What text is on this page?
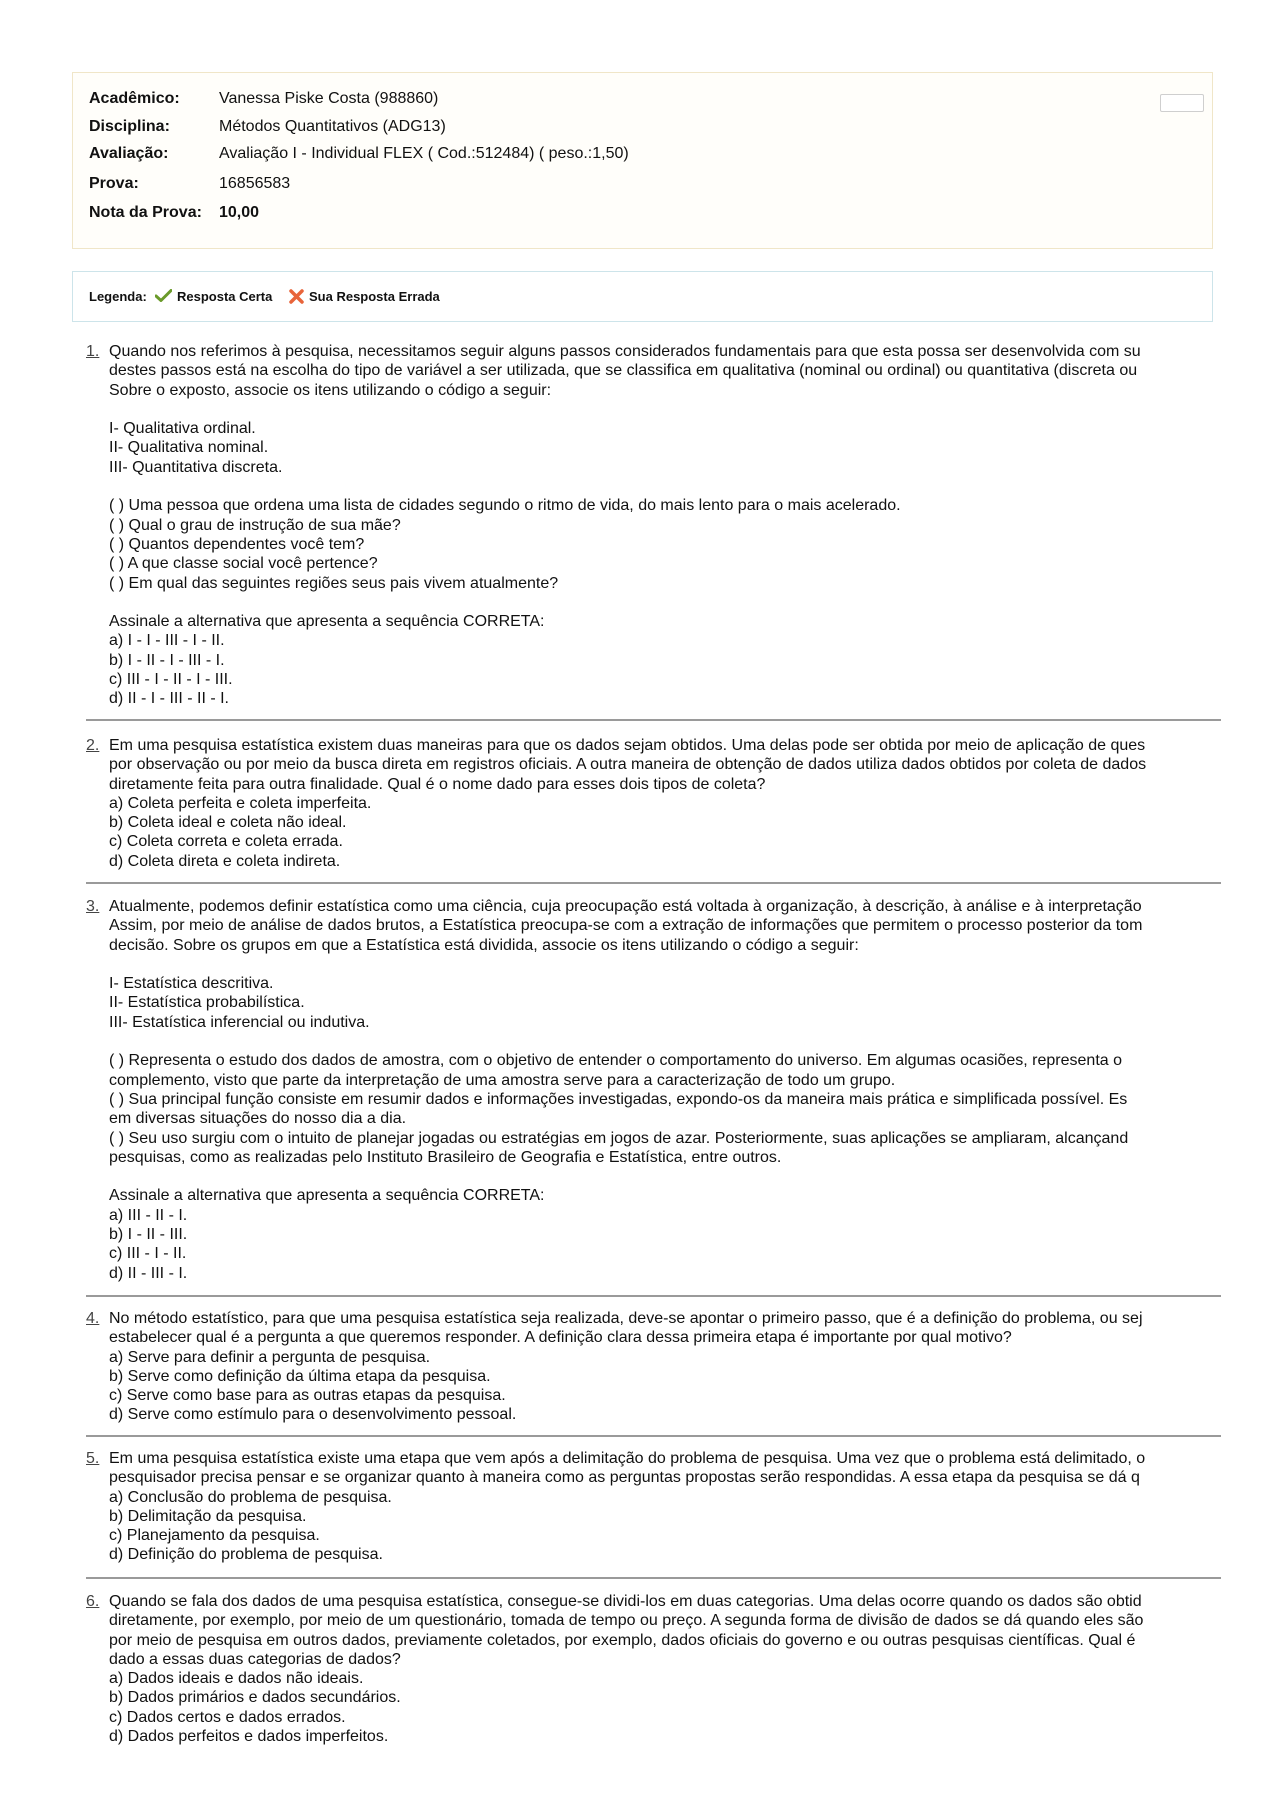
Acadêmico:	Vanessa Piske Costa (988860)
Disciplina:	Métodos Quantitativos (ADG13)
Avaliação:	Avaliação I - Individual FLEX ( Cod.:512484) ( peso.:1,50)
Prova:	16856583
Nota da Prova:	10,00
Legenda: Resposta Certa	Sua Resposta Errada
1. Quando nos referimos à pesquisa, necessitamos seguir alguns passos considerados fundamentais para que esta possa ser desenvolvida com su
destes passos está na escolha do tipo de variável a ser utilizada, que se classifica em qualitativa (nominal ou ordinal) ou quantitativa (discreta ou
Sobre o exposto, associe os itens utilizando o código a seguir:
I- Qualitativa ordinal.
II- Qualitativa nominal.
III- Quantitativa discreta.
( ) Uma pessoa que ordena uma lista de cidades segundo o ritmo de vida, do mais lento para o mais acelerado.
( ) Qual o grau de instrução de sua mãe?
( ) Quantos dependentes você tem?
( ) A que classe social você pertence?
( ) Em qual das seguintes regiões seus pais vivem atualmente?
Assinale a alternativa que apresenta a sequência CORRETA:
a) I - I - III - I - II.
b) I - II - I - III - I.
c) III - I - II - I - III.
d) II - I - III - II - I.
2. Em uma pesquisa estatística existem duas maneiras para que os dados sejam obtidos. Uma delas pode ser obtida por meio de aplicação de ques
por observação ou por meio da busca direta em registros oficiais. A outra maneira de obtenção de dados utiliza dados obtidos por coleta de dados
diretamente feita para outra finalidade. Qual é o nome dado para esses dois tipos de coleta?
a) Coleta perfeita e coleta imperfeita.
b) Coleta ideal e coleta não ideal.
c) Coleta correta e coleta errada.
d) Coleta direta e coleta indireta.
3. Atualmente, podemos definir estatística como uma ciência, cuja preocupação está voltada à organização, à descrição, à análise e à interpretação
Assim, por meio de análise de dados brutos, a Estatística preocupa-se com a extração de informações que permitem o processo posterior da tom
decisão. Sobre os grupos em que a Estatística está dividida, associe os itens utilizando o código a seguir:
I- Estatística descritiva.
II- Estatística probabilística.
III- Estatística inferencial ou indutiva.
( ) Representa o estudo dos dados de amostra, com o objetivo de entender o comportamento do universo. Em algumas ocasiões, representa o
complemento, visto que parte da interpretação de uma amostra serve para a caracterização de todo um grupo.
( ) Sua principal função consiste em resumir dados e informações investigadas, expondo-os da maneira mais prática e simplificada possível. Es
em diversas situações do nosso dia a dia.
( ) Seu uso surgiu com o intuito de planejar jogadas ou estratégias em jogos de azar. Posteriormente, suas aplicações se ampliaram, alcançand
pesquisas, como as realizadas pelo Instituto Brasileiro de Geografia e Estatística, entre outros.
Assinale a alternativa que apresenta a sequência CORRETA:
a) III - II - I.
b) I - II - III.
c) III - I - II.
d) II - III - I.
4. No método estatístico, para que uma pesquisa estatística seja realizada, deve-se apontar o primeiro passo, que é a definição do problema, ou sej
estabelecer qual é a pergunta a que queremos responder. A definição clara dessa primeira etapa é importante por qual motivo?
a) Serve para definir a pergunta de pesquisa.
b) Serve como definição da última etapa da pesquisa.
c) Serve como base para as outras etapas da pesquisa.
d) Serve como estímulo para o desenvolvimento pessoal.
5. Em uma pesquisa estatística existe uma etapa que vem após a delimitação do problema de pesquisa. Uma vez que o problema está delimitado, o
pesquisador precisa pensar e se organizar quanto à maneira como as perguntas propostas serão respondidas. A essa etapa da pesquisa se dá q
a) Conclusão do problema de pesquisa.
b) Delimitação da pesquisa.
c) Planejamento da pesquisa.
d) Definição do problema de pesquisa.
6. Quando se fala dos dados de uma pesquisa estatística, consegue-se dividi-los em duas categorias. Uma delas ocorre quando os dados são obtid
diretamente, por exemplo, por meio de um questionário, tomada de tempo ou preço. A segunda forma de divisão de dados se dá quando eles são
por meio de pesquisa em outros dados, previamente coletados, por exemplo, dados oficiais do governo e ou outras pesquisas científicas. Qual é
dado a essas duas categorias de dados?
a) Dados ideais e dados não ideais.
b) Dados primários e dados secundários.
c) Dados certos e dados errados.
d) Dados perfeitos e dados imperfeitos.
